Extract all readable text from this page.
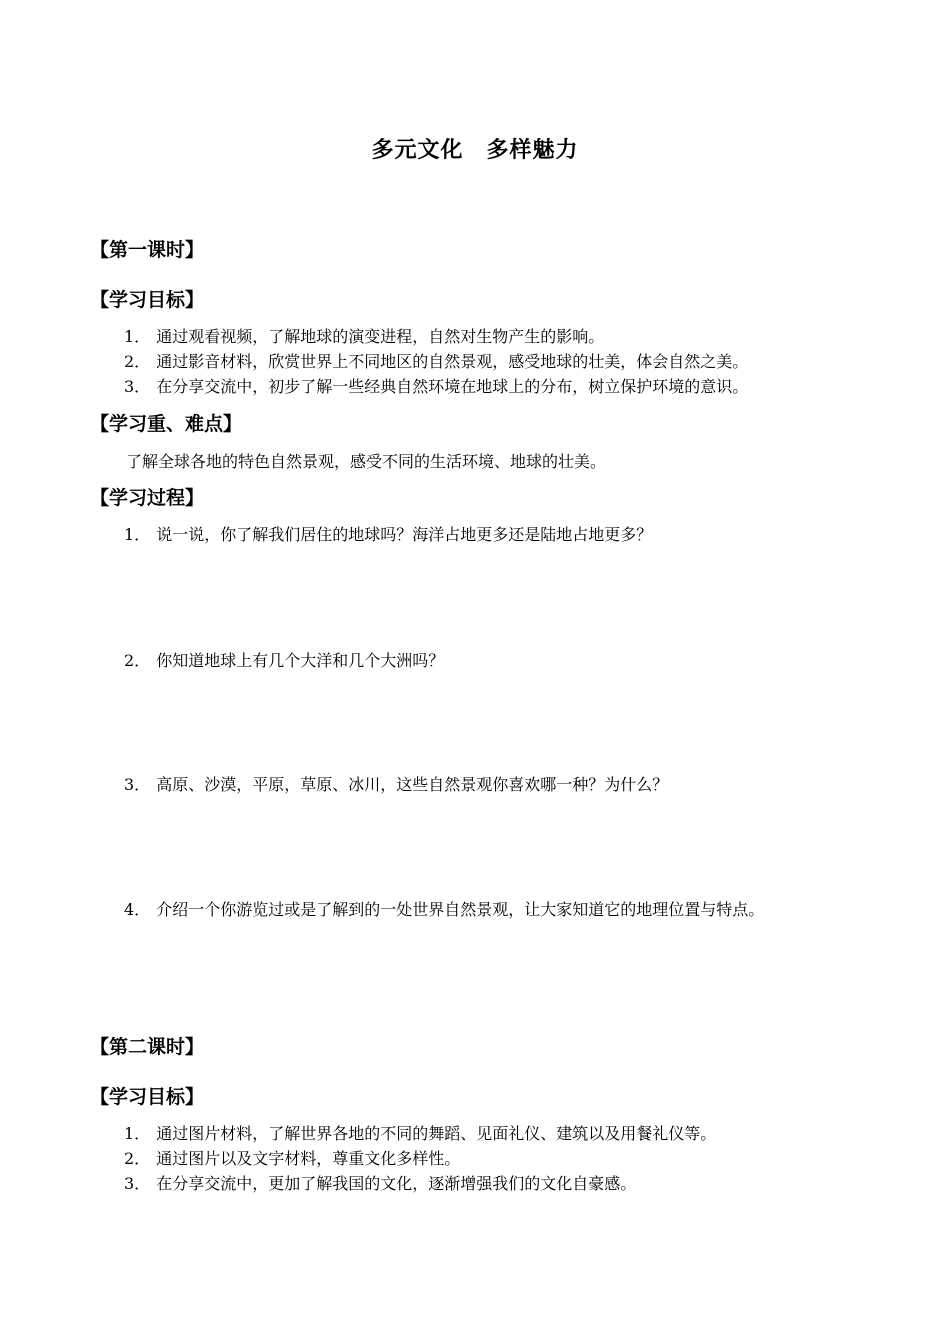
多元文化　多样魅力
【第一课时】
【学习目标】
1． 通过观看视频，了解地球的演变进程，自然对生物产生的影响。
2． 通过影音材料，欣赏世界上不同地区的自然景观，感受地球的壮美，体会自然之美。
3． 在分享交流中，初步了解一些经典自然环境在地球上的分布，树立保护环境的意识。
【学习重、难点】
了解全球各地的特色自然景观，感受不同的生活环境、地球的壮美。
【学习过程】
1． 说一说，你了解我们居住的地球吗？海洋占地更多还是陆地占地更多？
2． 你知道地球上有几个大洋和几个大洲吗？
3． 高原、沙漠，平原，草原、冰川，这些自然景观你喜欢哪一种？为什么？
4． 介绍一个你游览过或是了解到的一处世界自然景观，让大家知道它的地理位置与特点。
【第二课时】
【学习目标】
1． 通过图片材料，了解世界各地的不同的舞蹈、见面礼仪、建筑以及用餐礼仪等。
2． 通过图片以及文字材料，尊重文化多样性。
3． 在分享交流中，更加了解我国的文化，逐渐增强我们的文化自豪感。
